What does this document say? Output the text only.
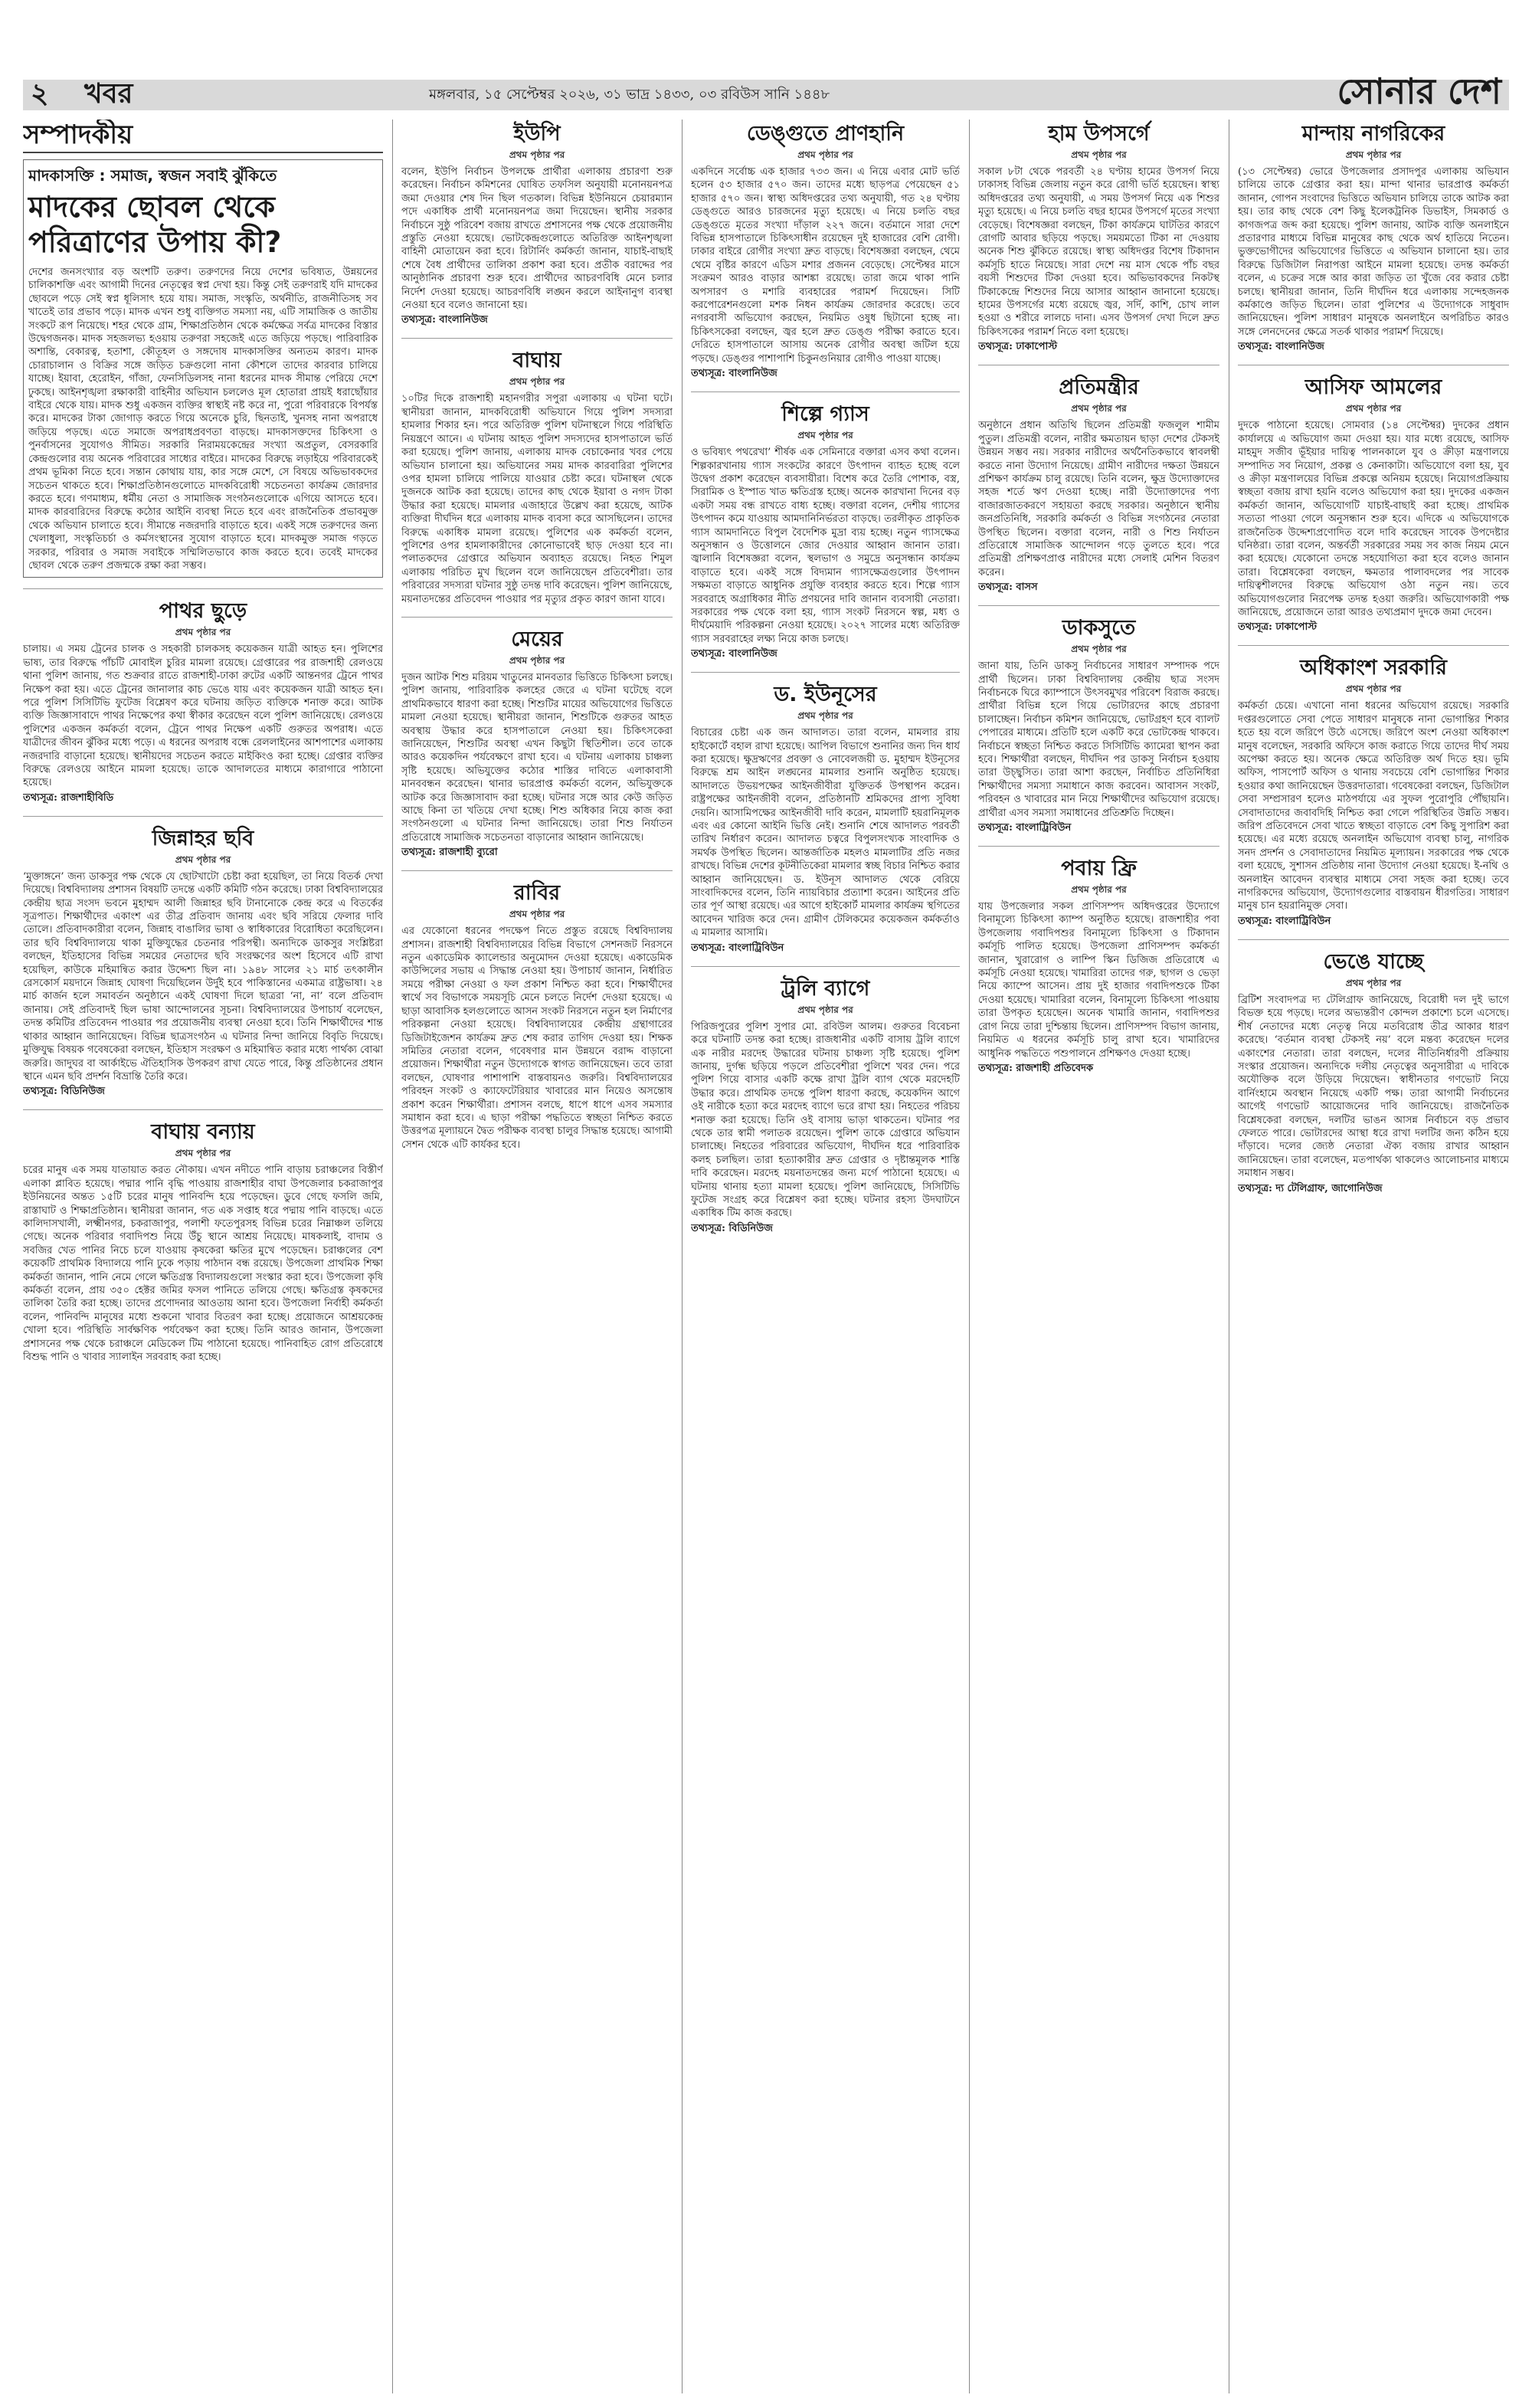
২ খবর	মঙ্গলবার, ১৫ সেপ্টেম্বর ২০২৬, ৩১ ভাদ্র ১৪৩৩, ০৩ রবিউস সানি ১৪৪৮	সোনার দেশ
সম্পাদকীয়
মাদকাসক্তি : সমাজ, স্বজন সবাই ঝুঁকিতে
মাদকের ছোবল থেকে পরিত্রাণের উপায় কী?
দেশের জনসংখ্যার বড় অংশটি তরুণ। তরুণদের নিয়ে দেশের ভবিষ্যত, উন্নয়নের চালিকাশক্তি এবং আগামী দিনের নেতৃত্বের স্বপ্ন দেখা হয়। কিন্তু সেই তরুণরাই যদি মাদকের ছোবলে পড়ে সেই স্বপ্ন ধূলিসাৎ হয়ে যায়। সমাজ, সংস্কৃতি, অর্থনীতি, রাজনীতিসহ সব খাতেই তার প্রভাব পড়ে। মাদক এখন শুধু ব্যক্তিগত সমস্যা নয়, এটি সামাজিক ও জাতীয় সংকটে রূপ নিয়েছে। শহর থেকে গ্রাম, শিক্ষাপ্রতিষ্ঠান থেকে কর্মক্ষেত্র সর্বত্র মাদকের বিস্তার উদ্বেগজনক। মাদক সহজলভ্য হওয়ায় তরুণরা সহজেই এতে জড়িয়ে পড়ছে। পারিবারিক অশান্তি, বেকারত্ব, হতাশা, কৌতূহল ও সঙ্গদোষ মাদকাসক্তির অন্যতম কারণ। মাদক চোরাচালান ও বিক্রির সঙ্গে জড়িত চক্রগুলো নানা কৌশলে তাদের কারবার চালিয়ে যাচ্ছে। ইয়াবা, হেরোইন, গাঁজা, ফেনসিডিলসহ নানা ধরনের মাদক সীমান্ত পেরিয়ে দেশে ঢুকছে। আইনশৃঙ্খলা রক্ষাকারী বাহিনীর অভিযান চললেও মূল হোতারা প্রায়ই ধরাছোঁয়ার বাইরে থেকে যায়। মাদক শুধু একজন ব্যক্তির স্বাস্থ্যই নষ্ট করে না, পুরো পরিবারকে বিপর্যস্ত করে। মাদকের টাকা জোগাড় করতে গিয়ে অনেকে চুরি, ছিনতাই, খুনসহ নানা অপরাধে জড়িয়ে পড়ছে। এতে সমাজে অপরাধপ্রবণতা বাড়ছে। মাদকাসক্তদের চিকিৎসা ও পুনর্বাসনের সুযোগও সীমিত। সরকারি নিরাময়কেন্দ্রের সংখ্যা অপ্রতুল, বেসরকারি কেন্দ্রগুলোর ব্যয় অনেক পরিবারের সাধ্যের বাইরে। মাদকের বিরুদ্ধে লড়াইয়ে পরিবারকেই প্রথম ভূমিকা নিতে হবে। সন্তান কোথায় যায়, কার সঙ্গে মেশে, সে বিষয়ে অভিভাবকদের সচেতন থাকতে হবে। শিক্ষাপ্রতিষ্ঠানগুলোতে মাদকবিরোধী সচেতনতা কার্যক্রম জোরদার করতে হবে। গণমাধ্যম, ধর্মীয় নেতা ও সামাজিক সংগঠনগুলোকে এগিয়ে আসতে হবে। মাদক কারবারিদের বিরুদ্ধে কঠোর আইনি ব্যবস্থা নিতে হবে এবং রাজনৈতিক প্রভাবমুক্ত থেকে অভিযান চালাতে হবে। সীমান্তে নজরদারি বাড়াতে হবে। একই সঙ্গে তরুণদের জন্য খেলাধুলা, সংস্কৃতিচর্চা ও কর্মসংস্থানের সুযোগ বাড়াতে হবে। মাদকমুক্ত সমাজ গড়তে সরকার, পরিবার ও সমাজ সবাইকে সম্মিলিতভাবে কাজ করতে হবে। তবেই মাদকের ছোবল থেকে তরুণ প্রজন্মকে রক্ষা করা সম্ভব।
পাথর ছুড়ে
প্রথম পৃষ্ঠার পর
চালায়। এ সময় ট্রেনের চালক ও সহকারী চালকসহ কয়েকজন যাত্রী আহত হন। পুলিশের ভাষ্য, তার বিরুদ্ধে পাঁচটি মোবাইল চুরির মামলা রয়েছে। গ্রেপ্তারের পর রাজশাহী রেলওয়ে থানা পুলিশ জানায়, গত শুক্রবার রাতে রাজশাহী-ঢাকা রুটের একটি আন্তনগর ট্রেনে পাথর নিক্ষেপ করা হয়। এতে ট্রেনের জানালার কাচ ভেঙে যায় এবং কয়েকজন যাত্রী আহত হন। পরে পুলিশ সিসিটিভি ফুটেজ বিশ্লেষণ করে ঘটনায় জড়িত ব্যক্তিকে শনাক্ত করে। আটক ব্যক্তি জিজ্ঞাসাবাদে পাথর নিক্ষেপের কথা স্বীকার করেছেন বলে পুলিশ জানিয়েছে। রেলওয়ে পুলিশের একজন কর্মকর্তা বলেন, ট্রেনে পাথর নিক্ষেপ একটি গুরুতর অপরাধ। এতে যাত্রীদের জীবন ঝুঁকির মধ্যে পড়ে। এ ধরনের অপরাধ বন্ধে রেললাইনের আশপাশের এলাকায় নজরদারি বাড়ানো হয়েছে। স্থানীয়দের সচেতন করতে মাইকিংও করা হচ্ছে। গ্রেপ্তার ব্যক্তির বিরুদ্ধে রেলওয়ে আইনে মামলা হয়েছে। তাকে আদালতের মাধ্যমে কারাগারে পাঠানো হয়েছে।
তথ্যসূত্র: রাজশাহীবিডি
জিন্নাহর ছবি
প্রথম পৃষ্ঠার পর
‘মুক্তাঙ্গনে’ জন্য ডাকসুর পক্ষ থেকে যে ছোটখাটো চেষ্টা করা হয়েছিল, তা নিয়ে বিতর্ক দেখা দিয়েছে। বিশ্ববিদ্যালয় প্রশাসন বিষয়টি তদন্তে একটি কমিটি গঠন করেছে। ঢাকা বিশ্ববিদ্যালয়ের কেন্দ্রীয় ছাত্র সংসদ ভবনে মুহাম্মদ আলী জিন্নাহর ছবি টানানোকে কেন্দ্র করে এ বিতর্কের সূত্রপাত। শিক্ষার্থীদের একাংশ এর তীব্র প্রতিবাদ জানায় এবং ছবি সরিয়ে ফেলার দাবি তোলে। প্রতিবাদকারীরা বলেন, জিন্নাহ বাঙালির ভাষা ও স্বাধিকারের বিরোধিতা করেছিলেন। তার ছবি বিশ্ববিদ্যালয়ে থাকা মুক্তিযুদ্ধের চেতনার পরিপন্থী। অন্যদিকে ডাকসুর সংশ্লিষ্টরা বলছেন, ইতিহাসের বিভিন্ন সময়ের নেতাদের ছবি সংরক্ষণের অংশ হিসেবে এটি রাখা হয়েছিল, কাউকে মহিমান্বিত করার উদ্দেশ্য ছিল না। ১৯৪৮ সালের ২১ মার্চ তৎকালীন রেসকোর্স ময়দানে জিন্নাহ ঘোষণা দিয়েছিলেন উর্দুই হবে পাকিস্তানের একমাত্র রাষ্ট্রভাষা। ২৪ মার্চ কার্জন হলে সমাবর্তন অনুষ্ঠানে একই ঘোষণা দিলে ছাত্ররা ‘না, না’ বলে প্রতিবাদ জানায়। সেই প্রতিবাদই ছিল ভাষা আন্দোলনের সূচনা। বিশ্ববিদ্যালয়ের উপাচার্য বলেছেন, তদন্ত কমিটির প্রতিবেদন পাওয়ার পর প্রয়োজনীয় ব্যবস্থা নেওয়া হবে। তিনি শিক্ষার্থীদের শান্ত থাকার আহ্বান জানিয়েছেন। বিভিন্ন ছাত্রসংগঠন এ ঘটনার নিন্দা জানিয়ে বিবৃতি দিয়েছে। মুক্তিযুদ্ধ বিষয়ক গবেষকেরা বলছেন, ইতিহাস সংরক্ষণ ও মহিমান্বিত করার মধ্যে পার্থক্য বোঝা জরুরি। জাদুঘর বা আর্কাইভে ঐতিহাসিক উপকরণ রাখা যেতে পারে, কিন্তু প্রতিষ্ঠানের প্রধান স্থানে এমন ছবি প্রদর্শন বিভ্রান্তি তৈরি করে।
তথ্যসূত্র: বিডিনিউজ
বাঘায় বন্যায়
প্রথম পৃষ্ঠার পর
চরের মানুষ এক সময় যাতায়াত করত নৌকায়। এখন নদীতে পানি বাড়ায় চরাঞ্চলের বিস্তীর্ণ এলাকা প্লাবিত হয়েছে। পদ্মার পানি বৃদ্ধি পাওয়ায় রাজশাহীর বাঘা উপজেলার চকরাজাপুর ইউনিয়নের অন্তত ১৫টি চরের মানুষ পানিবন্দি হয়ে পড়েছেন। ডুবে গেছে ফসলি জমি, রাস্তাঘাট ও শিক্ষাপ্রতিষ্ঠান। স্থানীয়রা জানান, গত এক সপ্তাহ ধরে পদ্মায় পানি বাড়ছে। এতে কালিদাসখালী, লক্ষ্মীনগর, চকরাজাপুর, পলাশী ফতেপুরসহ বিভিন্ন চরের নিম্নাঞ্চল তলিয়ে গেছে। অনেক পরিবার গবাদিপশু নিয়ে উঁচু স্থানে আশ্রয় নিয়েছে। মাষকলাই, বাদাম ও সবজির খেত পানির নিচে চলে যাওয়ায় কৃষকেরা ক্ষতির মুখে পড়েছেন। চরাঞ্চলের বেশ কয়েকটি প্রাথমিক বিদ্যালয়ে পানি ঢুকে পড়ায় পাঠদান বন্ধ রয়েছে। উপজেলা প্রাথমিক শিক্ষা কর্মকর্তা জানান, পানি নেমে গেলে ক্ষতিগ্রস্ত বিদ্যালয়গুলো সংস্কার করা হবে। উপজেলা কৃষি কর্মকর্তা বলেন, প্রায় ৩৫০ হেক্টর জমির ফসল পানিতে তলিয়ে গেছে। ক্ষতিগ্রস্ত কৃষকদের তালিকা তৈরি করা হচ্ছে। তাদের প্রণোদনার আওতায় আনা হবে। উপজেলা নির্বাহী কর্মকর্তা বলেন, পানিবন্দি মানুষের মধ্যে শুকনো খাবার বিতরণ করা হচ্ছে। প্রয়োজনে আশ্রয়কেন্দ্র খোলা হবে। পরিস্থিতি সার্বক্ষণিক পর্যবেক্ষণ করা হচ্ছে। তিনি আরও জানান, উপজেলা প্রশাসনের পক্ষ থেকে চরাঞ্চলে মেডিকেল টিম পাঠানো হয়েছে। পানিবাহিত রোগ প্রতিরোধে বিশুদ্ধ পানি ও খাবার স্যালাইন সরবরাহ করা হচ্ছে।
ইউপি
প্রথম পৃষ্ঠার পর
বলেন, ইউপি নির্বাচন উপলক্ষে প্রার্থীরা এলাকায় প্রচারণা শুরু করেছেন। নির্বাচন কমিশনের ঘোষিত তফসিল অনুযায়ী মনোনয়নপত্র জমা দেওয়ার শেষ দিন ছিল গতকাল। বিভিন্ন ইউনিয়নে চেয়ারম্যান পদে একাধিক প্রার্থী মনোনয়নপত্র জমা দিয়েছেন। স্থানীয় সরকার নির্বাচনে সুষ্ঠু পরিবেশ বজায় রাখতে প্রশাসনের পক্ষ থেকে প্রয়োজনীয় প্রস্তুতি নেওয়া হয়েছে। ভোটকেন্দ্রগুলোতে অতিরিক্ত আইনশৃঙ্খলা বাহিনী মোতায়েন করা হবে। রিটার্নিং কর্মকর্তা জানান, যাচাই-বাছাই শেষে বৈধ প্রার্থীদের তালিকা প্রকাশ করা হবে। প্রতীক বরাদ্দের পর আনুষ্ঠানিক প্রচারণা শুরু হবে। প্রার্থীদের আচরণবিধি মেনে চলার নির্দেশ দেওয়া হয়েছে। আচরণবিধি লঙ্ঘন করলে আইনানুগ ব্যবস্থা নেওয়া হবে বলেও জানানো হয়।
তথ্যসূত্র: বাংলানিউজ
বাঘায়
প্রথম পৃষ্ঠার পর
১০টির দিকে রাজশাহী মহানগরীর সপুরা এলাকায় এ ঘটনা ঘটে। স্থানীয়রা জানান, মাদকবিরোধী অভিযানে গিয়ে পুলিশ সদস্যরা হামলার শিকার হন। পরে অতিরিক্ত পুলিশ ঘটনাস্থলে গিয়ে পরিস্থিতি নিয়ন্ত্রণে আনে। এ ঘটনায় আহত পুলিশ সদস্যদের হাসপাতালে ভর্তি করা হয়েছে। পুলিশ জানায়, এলাকায় মাদক বেচাকেনার খবর পেয়ে অভিযান চালানো হয়। অভিযানের সময় মাদক কারবারিরা পুলিশের ওপর হামলা চালিয়ে পালিয়ে যাওয়ার চেষ্টা করে। ঘটনাস্থল থেকে দুজনকে আটক করা হয়েছে। তাদের কাছ থেকে ইয়াবা ও নগদ টাকা উদ্ধার করা হয়েছে। মামলার এজাহারে উল্লেখ করা হয়েছে, আটক ব্যক্তিরা দীর্ঘদিন ধরে এলাকায় মাদক ব্যবসা করে আসছিলেন। তাদের বিরুদ্ধে একাধিক মামলা রয়েছে। পুলিশের এক কর্মকর্তা বলেন, পুলিশের ওপর হামলাকারীদের কোনোভাবেই ছাড় দেওয়া হবে না। পলাতকদের গ্রেপ্তারে অভিযান অব্যাহত রয়েছে। নিহত শিমুল এলাকায় পরিচিত মুখ ছিলেন বলে জানিয়েছেন প্রতিবেশীরা। তার পরিবারের সদস্যরা ঘটনার সুষ্ঠু তদন্ত দাবি করেছেন। পুলিশ জানিয়েছে, ময়নাতদন্তের প্রতিবেদন পাওয়ার পর মৃত্যুর প্রকৃত কারণ জানা যাবে।
মেয়ের
প্রথম পৃষ্ঠার পর
দুজন আটক শিশু মরিয়ম খাতুনের মানবতার ভিত্তিতে চিকিৎসা চলছে। পুলিশ জানায়, পারিবারিক কলহের জেরে এ ঘটনা ঘটেছে বলে প্রাথমিকভাবে ধারণা করা হচ্ছে। শিশুটির মায়ের অভিযোগের ভিত্তিতে মামলা নেওয়া হয়েছে। স্থানীয়রা জানান, শিশুটিকে গুরুতর আহত অবস্থায় উদ্ধার করে হাসপাতালে নেওয়া হয়। চিকিৎসকেরা জানিয়েছেন, শিশুটির অবস্থা এখন কিছুটা স্থিতিশীল। তবে তাকে আরও কয়েকদিন পর্যবেক্ষণে রাখা হবে। এ ঘটনায় এলাকায় চাঞ্চল্য সৃষ্টি হয়েছে। অভিযুক্তের কঠোর শাস্তির দাবিতে এলাকাবাসী মানববন্ধন করেছেন। থানার ভারপ্রাপ্ত কর্মকর্তা বলেন, অভিযুক্তকে আটক করে জিজ্ঞাসাবাদ করা হচ্ছে। ঘটনার সঙ্গে আর কেউ জড়িত আছে কিনা তা খতিয়ে দেখা হচ্ছে। শিশু অধিকার নিয়ে কাজ করা সংগঠনগুলো এ ঘটনার নিন্দা জানিয়েছে। তারা শিশু নির্যাতন প্রতিরোধে সামাজিক সচেতনতা বাড়ানোর আহ্বান জানিয়েছে।
তথ্যসূত্র: রাজশাহী ব্যুরো
রাবির
প্রথম পৃষ্ঠার পর
এর যেকোনো ধরনের পদক্ষেপ নিতে প্রস্তুত রয়েছে বিশ্ববিদ্যালয় প্রশাসন। রাজশাহী বিশ্ববিদ্যালয়ের বিভিন্ন বিভাগে সেশনজট নিরসনে নতুন একাডেমিক ক্যালেন্ডার অনুমোদন দেওয়া হয়েছে। একাডেমিক কাউন্সিলের সভায় এ সিদ্ধান্ত নেওয়া হয়। উপাচার্য জানান, নির্ধারিত সময়ে পরীক্ষা নেওয়া ও ফল প্রকাশ নিশ্চিত করা হবে। শিক্ষার্থীদের স্বার্থে সব বিভাগকে সময়সূচি মেনে চলতে নির্দেশ দেওয়া হয়েছে। এ ছাড়া আবাসিক হলগুলোতে আসন সংকট নিরসনে নতুন হল নির্মাণের পরিকল্পনা নেওয়া হয়েছে। বিশ্ববিদ্যালয়ের কেন্দ্রীয় গ্রন্থাগারের ডিজিটাইজেশন কার্যক্রম দ্রুত শেষ করার তাগিদ দেওয়া হয়। শিক্ষক সমিতির নেতারা বলেন, গবেষণার মান উন্নয়নে বরাদ্দ বাড়ানো প্রয়োজন। শিক্ষার্থীরা নতুন উদ্যোগকে স্বাগত জানিয়েছেন। তবে তারা বলছেন, ঘোষণার পাশাপাশি বাস্তবায়নও জরুরি। বিশ্ববিদ্যালয়ের পরিবহন সংকট ও ক্যাফেটেরিয়ার খাবারের মান নিয়েও অসন্তোষ প্রকাশ করেন শিক্ষার্থীরা। প্রশাসন বলছে, ধাপে ধাপে এসব সমস্যার সমাধান করা হবে। এ ছাড়া পরীক্ষা পদ্ধতিতে স্বচ্ছতা নিশ্চিত করতে উত্তরপত্র মূল্যায়নে দ্বৈত পরীক্ষক ব্যবস্থা চালুর সিদ্ধান্ত হয়েছে। আগামী সেশন থেকে এটি কার্যকর হবে।
ডেঙ্গুতে প্রাণহানি
প্রথম পৃষ্ঠার পর
একদিনে সর্বোচ্চ এক হাজার ৭৩৩ জন। এ নিয়ে এবার মোট ভর্তি হলেন ৫৩ হাজার ৫৭০ জন। তাদের মধ্যে ছাড়পত্র পেয়েছেন ৫১ হাজার ৫৭০ জন। স্বাস্থ্য অধিদপ্তরের তথ্য অনুযায়ী, গত ২৪ ঘণ্টায় ডেঙ্গুতে আরও চারজনের মৃত্যু হয়েছে। এ নিয়ে চলতি বছর ডেঙ্গুতে মৃতের সংখ্যা দাঁড়াল ২২৭ জনে। বর্তমানে সারা দেশে বিভিন্ন হাসপাতালে চিকিৎসাধীন রয়েছেন দুই হাজারের বেশি রোগী। ঢাকার বাইরে রোগীর সংখ্যা দ্রুত বাড়ছে। বিশেষজ্ঞরা বলছেন, থেমে থেমে বৃষ্টির কারণে এডিস মশার প্রজনন বেড়েছে। সেপ্টেম্বর মাসে সংক্রমণ আরও বাড়ার আশঙ্কা রয়েছে। তারা জমে থাকা পানি অপসারণ ও মশারি ব্যবহারের পরামর্শ দিয়েছেন। সিটি করপোরেশনগুলো মশক নিধন কার্যক্রম জোরদার করেছে। তবে নগরবাসী অভিযোগ করছেন, নিয়মিত ওষুধ ছিটানো হচ্ছে না। চিকিৎসকেরা বলছেন, জ্বর হলে দ্রুত ডেঙ্গু পরীক্ষা করাতে হবে। দেরিতে হাসপাতালে আসায় অনেক রোগীর অবস্থা জটিল হয়ে পড়ছে। ডেঙ্গুর পাশাপাশি চিকুনগুনিয়ার রোগীও পাওয়া যাচ্ছে।
তথ্যসূত্র: বাংলানিউজ
শিল্পে গ্যাস
প্রথম পৃষ্ঠার পর
ও ভবিষ্যৎ পথরেখা’ শীর্ষক এক সেমিনারে বক্তারা এসব কথা বলেন। শিল্পকারখানায় গ্যাস সংকটের কারণে উৎপাদন ব্যাহত হচ্ছে বলে উদ্বেগ প্রকাশ করেছেন ব্যবসায়ীরা। বিশেষ করে তৈরি পোশাক, বস্ত্র, সিরামিক ও ইস্পাত খাত ক্ষতিগ্রস্ত হচ্ছে। অনেক কারখানা দিনের বড় একটা সময় বন্ধ রাখতে বাধ্য হচ্ছে। বক্তারা বলেন, দেশীয় গ্যাসের উৎপাদন কমে যাওয়ায় আমদানিনির্ভরতা বাড়ছে। তরলীকৃত প্রাকৃতিক গ্যাস আমদানিতে বিপুল বৈদেশিক মুদ্রা ব্যয় হচ্ছে। নতুন গ্যাসক্ষেত্র অনুসন্ধান ও উত্তোলনে জোর দেওয়ার আহ্বান জানান তারা। জ্বালানি বিশেষজ্ঞরা বলেন, স্থলভাগ ও সমুদ্রে অনুসন্ধান কার্যক্রম বাড়াতে হবে। একই সঙ্গে বিদ্যমান গ্যাসক্ষেত্রগুলোর উৎপাদন সক্ষমতা বাড়াতে আধুনিক প্রযুক্তি ব্যবহার করতে হবে। শিল্পে গ্যাস সরবরাহে অগ্রাধিকার নীতি প্রণয়নের দাবি জানান ব্যবসায়ী নেতারা। সরকারের পক্ষ থেকে বলা হয়, গ্যাস সংকট নিরসনে স্বল্প, মধ্য ও দীর্ঘমেয়াদি পরিকল্পনা নেওয়া হয়েছে। ২০২৭ সালের মধ্যে অতিরিক্ত গ্যাস সরবরাহের লক্ষ্য নিয়ে কাজ চলছে।
তথ্যসূত্র: বাংলানিউজ
ড. ইউনূসের
প্রথম পৃষ্ঠার পর
বিচারের চেষ্টা এক জন আদালত। তারা বলেন, মামলার রায় হাইকোর্টে বহাল রাখা হয়েছে। আপিল বিভাগে শুনানির জন্য দিন ধার্য করা হয়েছে। ক্ষুদ্রঋণের প্রবক্তা ও নোবেলজয়ী ড. মুহাম্মদ ইউনূসের বিরুদ্ধে শ্রম আইন লঙ্ঘনের মামলার শুনানি অনুষ্ঠিত হয়েছে। আদালতে উভয়পক্ষের আইনজীবীরা যুক্তিতর্ক উপস্থাপন করেন। রাষ্ট্রপক্ষের আইনজীবী বলেন, প্রতিষ্ঠানটি শ্রমিকদের প্রাপ্য সুবিধা দেয়নি। আসামিপক্ষের আইনজীবী দাবি করেন, মামলাটি হয়রানিমূলক এবং এর কোনো আইনি ভিত্তি নেই। শুনানি শেষে আদালত পরবর্তী তারিখ নির্ধারণ করেন। আদালত চত্বরে বিপুলসংখ্যক সাংবাদিক ও সমর্থক উপস্থিত ছিলেন। আন্তর্জাতিক মহলও মামলাটির প্রতি নজর রাখছে। বিভিন্ন দেশের কূটনীতিকেরা মামলার স্বচ্ছ বিচার নিশ্চিত করার আহ্বান জানিয়েছেন। ড. ইউনূস আদালত থেকে বেরিয়ে সাংবাদিকদের বলেন, তিনি ন্যায়বিচার প্রত্যাশা করেন। আইনের প্রতি তার পূর্ণ আস্থা রয়েছে। এর আগে হাইকোর্ট মামলার কার্যক্রম স্থগিতের আবেদন খারিজ করে দেন। গ্রামীণ টেলিকমের কয়েকজন কর্মকর্তাও এ মামলার আসামি।
তথ্যসূত্র: বাংলাট্রিবিউন
ট্রলি ব্যাগে
প্রথম পৃষ্ঠার পর
পিরিজপুরের পুলিশ সুপার মো. রবিউল আলম। গুরুতর বিবেচনা করে ঘটনাটি তদন্ত করা হচ্ছে। রাজধানীর একটি বাসায় ট্রলি ব্যাগে এক নারীর মরদেহ উদ্ধারের ঘটনায় চাঞ্চল্য সৃষ্টি হয়েছে। পুলিশ জানায়, দুর্গন্ধ ছড়িয়ে পড়লে প্রতিবেশীরা পুলিশে খবর দেন। পরে পুলিশ গিয়ে বাসার একটি কক্ষে রাখা ট্রলি ব্যাগ থেকে মরদেহটি উদ্ধার করে। প্রাথমিক তদন্তে পুলিশ ধারণা করছে, কয়েকদিন আগে ওই নারীকে হত্যা করে মরদেহ ব্যাগে ভরে রাখা হয়। নিহতের পরিচয় শনাক্ত করা হয়েছে। তিনি ওই বাসায় ভাড়া থাকতেন। ঘটনার পর থেকে তার স্বামী পলাতক রয়েছেন। পুলিশ তাকে গ্রেপ্তারে অভিযান চালাচ্ছে। নিহতের পরিবারের অভিযোগ, দীর্ঘদিন ধরে পারিবারিক কলহ চলছিল। তারা হত্যাকারীর দ্রুত গ্রেপ্তার ও দৃষ্টান্তমূলক শাস্তি দাবি করেছেন। মরদেহ ময়নাতদন্তের জন্য মর্গে পাঠানো হয়েছে। এ ঘটনায় থানায় হত্যা মামলা হয়েছে। পুলিশ জানিয়েছে, সিসিটিভি ফুটেজ সংগ্রহ করে বিশ্লেষণ করা হচ্ছে। ঘটনার রহস্য উদঘাটনে একাধিক টিম কাজ করছে।
তথ্যসূত্র: বিডিনিউজ
হাম উপসর্গে
প্রথম পৃষ্ঠার পর
সকাল ৮টা থেকে পরবর্তী ২৪ ঘণ্টায় হামের উপসর্গ নিয়ে ঢাকাসহ বিভিন্ন জেলায় নতুন করে রোগী ভর্তি হয়েছেন। স্বাস্থ্য অধিদপ্তরের তথ্য অনুযায়ী, এ সময় উপসর্গ নিয়ে এক শিশুর মৃত্যু হয়েছে। এ নিয়ে চলতি বছর হামের উপসর্গে মৃতের সংখ্যা বেড়েছে। বিশেষজ্ঞরা বলছেন, টিকা কার্যক্রমে ঘাটতির কারণে রোগটি আবার ছড়িয়ে পড়ছে। সময়মতো টিকা না দেওয়ায় অনেক শিশু ঝুঁকিতে রয়েছে। স্বাস্থ্য অধিদপ্তর বিশেষ টিকাদান কর্মসূচি হাতে নিয়েছে। সারা দেশে নয় মাস থেকে পাঁচ বছর বয়সী শিশুদের টিকা দেওয়া হবে। অভিভাবকদের নিকটস্থ টিকাকেন্দ্রে শিশুদের নিয়ে আসার আহ্বান জানানো হয়েছে। হামের উপসর্গের মধ্যে রয়েছে জ্বর, সর্দি, কাশি, চোখ লাল হওয়া ও শরীরে লালচে দানা। এসব উপসর্গ দেখা দিলে দ্রুত চিকিৎসকের পরামর্শ নিতে বলা হয়েছে।
তথ্যসূত্র: ঢাকাপোস্ট
প্রতিমন্ত্রীর
প্রথম পৃষ্ঠার পর
অনুষ্ঠানে প্রধান অতিথি ছিলেন প্রতিমন্ত্রী ফজলুল শামীম পুতুল। প্রতিমন্ত্রী বলেন, নারীর ক্ষমতায়ন ছাড়া দেশের টেকসই উন্নয়ন সম্ভব নয়। সরকার নারীদের অর্থনৈতিকভাবে স্বাবলম্বী করতে নানা উদ্যোগ নিয়েছে। গ্রামীণ নারীদের দক্ষতা উন্নয়নে প্রশিক্ষণ কার্যক্রম চালু রয়েছে। তিনি বলেন, ক্ষুদ্র উদ্যোক্তাদের সহজ শর্তে ঋণ দেওয়া হচ্ছে। নারী উদ্যোক্তাদের পণ্য বাজারজাতকরণে সহায়তা করছে সরকার। অনুষ্ঠানে স্থানীয় জনপ্রতিনিধি, সরকারি কর্মকর্তা ও বিভিন্ন সংগঠনের নেতারা উপস্থিত ছিলেন। বক্তারা বলেন, নারী ও শিশু নির্যাতন প্রতিরোধে সামাজিক আন্দোলন গড়ে তুলতে হবে। পরে প্রতিমন্ত্রী প্রশিক্ষণপ্রাপ্ত নারীদের মধ্যে সেলাই মেশিন বিতরণ করেন।
তথ্যসূত্র: বাসস
ডাকসুতে
প্রথম পৃষ্ঠার পর
জানা যায়, তিনি ডাকসু নির্বাচনের সাধারণ সম্পাদক পদে প্রার্থী ছিলেন। ঢাকা বিশ্ববিদ্যালয় কেন্দ্রীয় ছাত্র সংসদ নির্বাচনকে ঘিরে ক্যাম্পাসে উৎসবমুখর পরিবেশ বিরাজ করছে। প্রার্থীরা বিভিন্ন হলে গিয়ে ভোটারদের কাছে প্রচারণা চালাচ্ছেন। নির্বাচন কমিশন জানিয়েছে, ভোটগ্রহণ হবে ব্যালট পেপারের মাধ্যমে। প্রতিটি হলে একটি করে ভোটকেন্দ্র থাকবে। নির্বাচনে স্বচ্ছতা নিশ্চিত করতে সিসিটিভি ক্যামেরা স্থাপন করা হবে। শিক্ষার্থীরা বলছেন, দীর্ঘদিন পর ডাকসু নির্বাচন হওয়ায় তারা উচ্ছ্বসিত। তারা আশা করছেন, নির্বাচিত প্রতিনিধিরা শিক্ষার্থীদের সমস্যা সমাধানে কাজ করবেন। আবাসন সংকট, পরিবহন ও খাবারের মান নিয়ে শিক্ষার্থীদের অভিযোগ রয়েছে। প্রার্থীরা এসব সমস্যা সমাধানের প্রতিশ্রুতি দিচ্ছেন।
তথ্যসূত্র: বাংলাট্রিবিউন
পবায় ফ্রি
প্রথম পৃষ্ঠার পর
যায় উপজেলার সকল প্রাণিসম্পদ অধিদপ্তরের উদ্যোগে বিনামূল্যে চিকিৎসা ক্যাম্প অনুষ্ঠিত হয়েছে। রাজশাহীর পবা উপজেলায় গবাদিপশুর বিনামূল্যে চিকিৎসা ও টিকাদান কর্মসূচি পালিত হয়েছে। উপজেলা প্রাণিসম্পদ কর্মকর্তা জানান, খুরারোগ ও লাম্পি স্কিন ডিজিজ প্রতিরোধে এ কর্মসূচি নেওয়া হয়েছে। খামারিরা তাদের গরু, ছাগল ও ভেড়া নিয়ে ক্যাম্পে আসেন। প্রায় দুই হাজার গবাদিপশুকে টিকা দেওয়া হয়েছে। খামারিরা বলেন, বিনামূল্যে চিকিৎসা পাওয়ায় তারা উপকৃত হয়েছেন। অনেক খামারি জানান, গবাদিপশুর রোগ নিয়ে তারা দুশ্চিন্তায় ছিলেন। প্রাণিসম্পদ বিভাগ জানায়, নিয়মিত এ ধরনের কর্মসূচি চালু রাখা হবে। খামারিদের আধুনিক পদ্ধতিতে পশুপালনে প্রশিক্ষণও দেওয়া হচ্ছে।
তথ্যসূত্র: রাজশাহী প্রতিবেদক
মান্দায় নাগরিকের
প্রথম পৃষ্ঠার পর
(১৩ সেপ্টেম্বর) ভোরে উপজেলার প্রসাদপুর এলাকায় অভিযান চালিয়ে তাকে গ্রেপ্তার করা হয়। মান্দা থানার ভারপ্রাপ্ত কর্মকর্তা জানান, গোপন সংবাদের ভিত্তিতে অভিযান চালিয়ে তাকে আটক করা হয়। তার কাছ থেকে বেশ কিছু ইলেকট্রনিক ডিভাইস, সিমকার্ড ও কাগজপত্র জব্দ করা হয়েছে। পুলিশ জানায়, আটক ব্যক্তি অনলাইনে প্রতারণার মাধ্যমে বিভিন্ন মানুষের কাছ থেকে অর্থ হাতিয়ে নিতেন। ভুক্তভোগীদের অভিযোগের ভিত্তিতে এ অভিযান চালানো হয়। তার বিরুদ্ধে ডিজিটাল নিরাপত্তা আইনে মামলা হয়েছে। তদন্ত কর্মকর্তা বলেন, এ চক্রের সঙ্গে আর কারা জড়িত তা খুঁজে বের করার চেষ্টা চলছে। স্থানীয়রা জানান, তিনি দীর্ঘদিন ধরে এলাকায় সন্দেহজনক কর্মকাণ্ডে জড়িত ছিলেন। তারা পুলিশের এ উদ্যোগকে সাধুবাদ জানিয়েছেন। পুলিশ সাধারণ মানুষকে অনলাইনে অপরিচিত কারও সঙ্গে লেনদেনের ক্ষেত্রে সতর্ক থাকার পরামর্শ দিয়েছে।
তথ্যসূত্র: বাংলানিউজ
আসিফ আমলের
প্রথম পৃষ্ঠার পর
দুদকে পাঠানো হয়েছে। সোমবার (১৪ সেপ্টেম্বর) দুদকের প্রধান কার্যালয়ে এ অভিযোগ জমা দেওয়া হয়। যার মধ্যে রয়েছে, আসিফ মাহমুদ সজীব ভূঁইয়ার দায়িত্ব পালনকালে যুব ও ক্রীড়া মন্ত্রণালয়ে সম্পাদিত সব নিয়োগ, প্রকল্প ও কেনাকাটা। অভিযোগে বলা হয়, যুব ও ক্রীড়া মন্ত্রণালয়ের বিভিন্ন প্রকল্পে অনিয়ম হয়েছে। নিয়োগপ্রক্রিয়ায় স্বচ্ছতা বজায় রাখা হয়নি বলেও অভিযোগ করা হয়। দুদকের একজন কর্মকর্তা জানান, অভিযোগটি যাচাই-বাছাই করা হচ্ছে। প্রাথমিক সত্যতা পাওয়া গেলে অনুসন্ধান শুরু হবে। এদিকে এ অভিযোগকে রাজনৈতিক উদ্দেশ্যপ্রণোদিত বলে দাবি করেছেন সাবেক উপদেষ্টার ঘনিষ্ঠরা। তারা বলেন, অন্তর্বর্তী সরকারের সময় সব কাজ নিয়ম মেনে করা হয়েছে। যেকোনো তদন্তে সহযোগিতা করা হবে বলেও জানান তারা। বিশ্লেষকেরা বলছেন, ক্ষমতার পালাবদলের পর সাবেক দায়িত্বশীলদের বিরুদ্ধে অভিযোগ ওঠা নতুন নয়। তবে অভিযোগগুলোর নিরপেক্ষ তদন্ত হওয়া জরুরি। অভিযোগকারী পক্ষ জানিয়েছে, প্রয়োজনে তারা আরও তথ্যপ্রমাণ দুদকে জমা দেবেন।
তথ্যসূত্র: ঢাকাপোস্ট
অধিকাংশ সরকারি
প্রথম পৃষ্ঠার পর
কর্মকর্তা চেয়ে। এখানো নানা ধরনের অভিযোগ রয়েছে। সরকারি দপ্তরগুলোতে সেবা পেতে সাধারণ মানুষকে নানা ভোগান্তির শিকার হতে হয় বলে জরিপে উঠে এসেছে। জরিপে অংশ নেওয়া অধিকাংশ মানুষ বলেছেন, সরকারি অফিসে কাজ করাতে গিয়ে তাদের দীর্ঘ সময় অপেক্ষা করতে হয়। অনেক ক্ষেত্রে অতিরিক্ত অর্থ দিতে হয়। ভূমি অফিস, পাসপোর্ট অফিস ও থানায় সবচেয়ে বেশি ভোগান্তির শিকার হওয়ার কথা জানিয়েছেন উত্তরদাতারা। গবেষকেরা বলছেন, ডিজিটাল সেবা সম্প্রসারণ হলেও মাঠপর্যায়ে এর সুফল পুরোপুরি পৌঁছায়নি। সেবাদাতাদের জবাবদিহি নিশ্চিত করা গেলে পরিস্থিতির উন্নতি সম্ভব। জরিপ প্রতিবেদনে সেবা খাতে স্বচ্ছতা বাড়াতে বেশ কিছু সুপারিশ করা হয়েছে। এর মধ্যে রয়েছে অনলাইন অভিযোগ ব্যবস্থা চালু, নাগরিক সনদ প্রদর্শন ও সেবাদাতাদের নিয়মিত মূল্যায়ন। সরকারের পক্ষ থেকে বলা হয়েছে, সুশাসন প্রতিষ্ঠায় নানা উদ্যোগ নেওয়া হয়েছে। ই-নথি ও অনলাইন আবেদন ব্যবস্থার মাধ্যমে সেবা সহজ করা হচ্ছে। তবে নাগরিকদের অভিযোগ, উদ্যোগগুলোর বাস্তবায়ন ধীরগতির। সাধারণ মানুষ চান হয়রানিমুক্ত সেবা।
তথ্যসূত্র: বাংলাট্রিবিউন
ভেঙে যাচ্ছে
প্রথম পৃষ্ঠার পর
ব্রিটিশ সংবাদপত্র দ্য টেলিগ্রাফ জানিয়েছে, বিরোধী দল দুই ভাগে বিভক্ত হয়ে পড়ছে। দলের অভ্যন্তরীণ কোন্দল প্রকাশ্যে চলে এসেছে। শীর্ষ নেতাদের মধ্যে নেতৃত্ব নিয়ে মতবিরোধ তীব্র আকার ধারণ করেছে। ‘বর্তমান ব্যবস্থা টেকসই নয়’ বলে মন্তব্য করেছেন দলের একাংশের নেতারা। তারা বলছেন, দলের নীতিনির্ধারণী প্রক্রিয়ায় সংস্কার প্রয়োজন। অন্যদিকে দলীয় নেতৃত্বের অনুসারীরা এ দাবিকে অযৌক্তিক বলে উড়িয়ে দিয়েছেন। স্বাধীনতার গণভোট নিয়ে বার্নিংহামে অবস্থান নিয়েছে একটি পক্ষ। তারা আগামী নির্বাচনের আগেই গণভোট আয়োজনের দাবি জানিয়েছে। রাজনৈতিক বিশ্লেষকেরা বলছেন, দলটির ভাঙন আসন্ন নির্বাচনে বড় প্রভাব ফেলতে পারে। ভোটারদের আস্থা ধরে রাখা দলটির জন্য কঠিন হয়ে দাঁড়াবে। দলের জ্যেষ্ঠ নেতারা ঐক্য বজায় রাখার আহ্বান জানিয়েছেন। তারা বলেছেন, মতপার্থক্য থাকলেও আলোচনার মাধ্যমে সমাধান সম্ভব।
তথ্যসূত্র: দ্য টেলিগ্রাফ, জাগোনিউজ
